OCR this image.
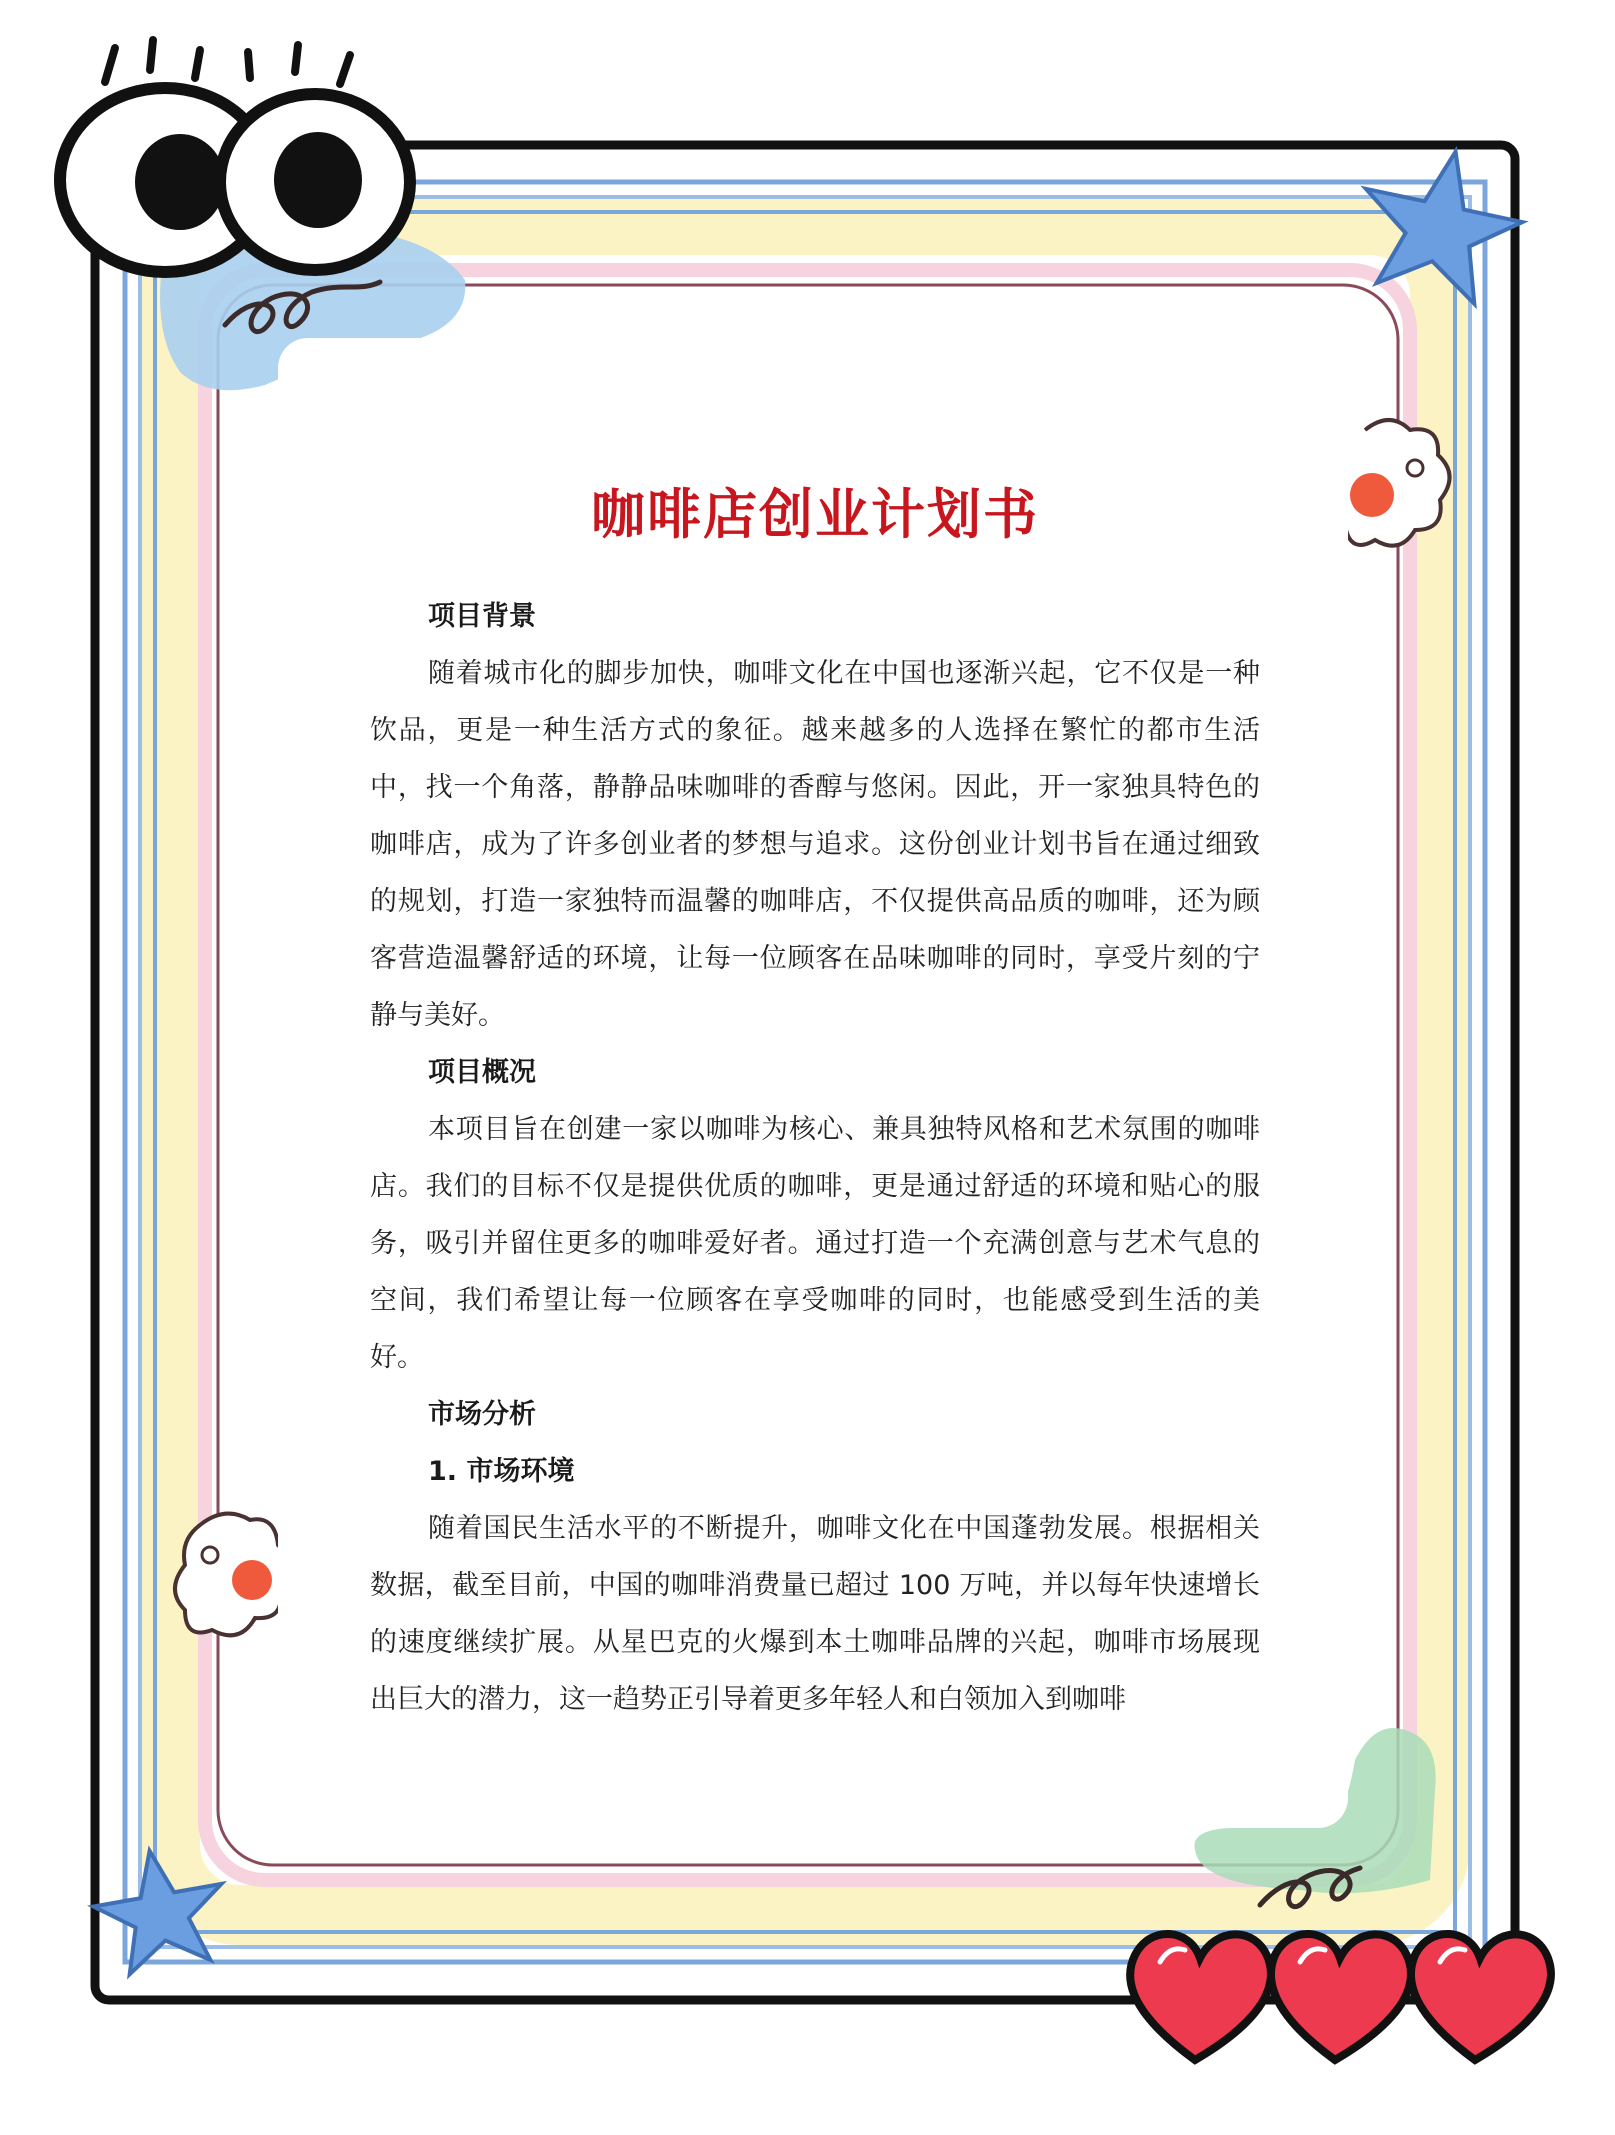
咖啡店创业计划书
项目背景

随着城市化的脚步加快，咖啡文化在中国也逐渐兴起，它不仅是一种饮品，更是一种生活方式的象征。越来越多的人选择在繁忙的都市生活中，找一个角落，静静品味咖啡的香醇与悠闲。因此，开一家独具特色的咖啡店，成为了许多创业者的梦想与追求。这份创业计划书旨在通过细致的规划，打造一家独特而温馨的咖啡店，不仅提供高品质的咖啡，还为顾客营造温馨舒适的环境，让每一位顾客在品味咖啡的同时，享受片刻的宁静与美好。

项目概况

本项目旨在创建一家以咖啡为核心、兼具独特风格和艺术氛围的咖啡店。我们的目标不仅是提供优质的咖啡，更是通过舒适的环境和贴心的服务，吸引并留住更多的咖啡爱好者。通过打造一个充满创意与艺术气息的空间，我们希望让每一位顾客在享受咖啡的同时，也能感受到生活的美好。

市场分析
1. 市场环境

随着国民生活水平的不断提升，咖啡文化在中国蓬勃发展。根据相关数据，截至目前，中国的咖啡消费量已超过 100 万吨，并以每年快速增长的速度继续扩展。从星巴克的火爆到本土咖啡品牌的兴起，咖啡市场展现出巨大的潜力，这一趋势正引导着更多年轻人和白领加入到咖啡
